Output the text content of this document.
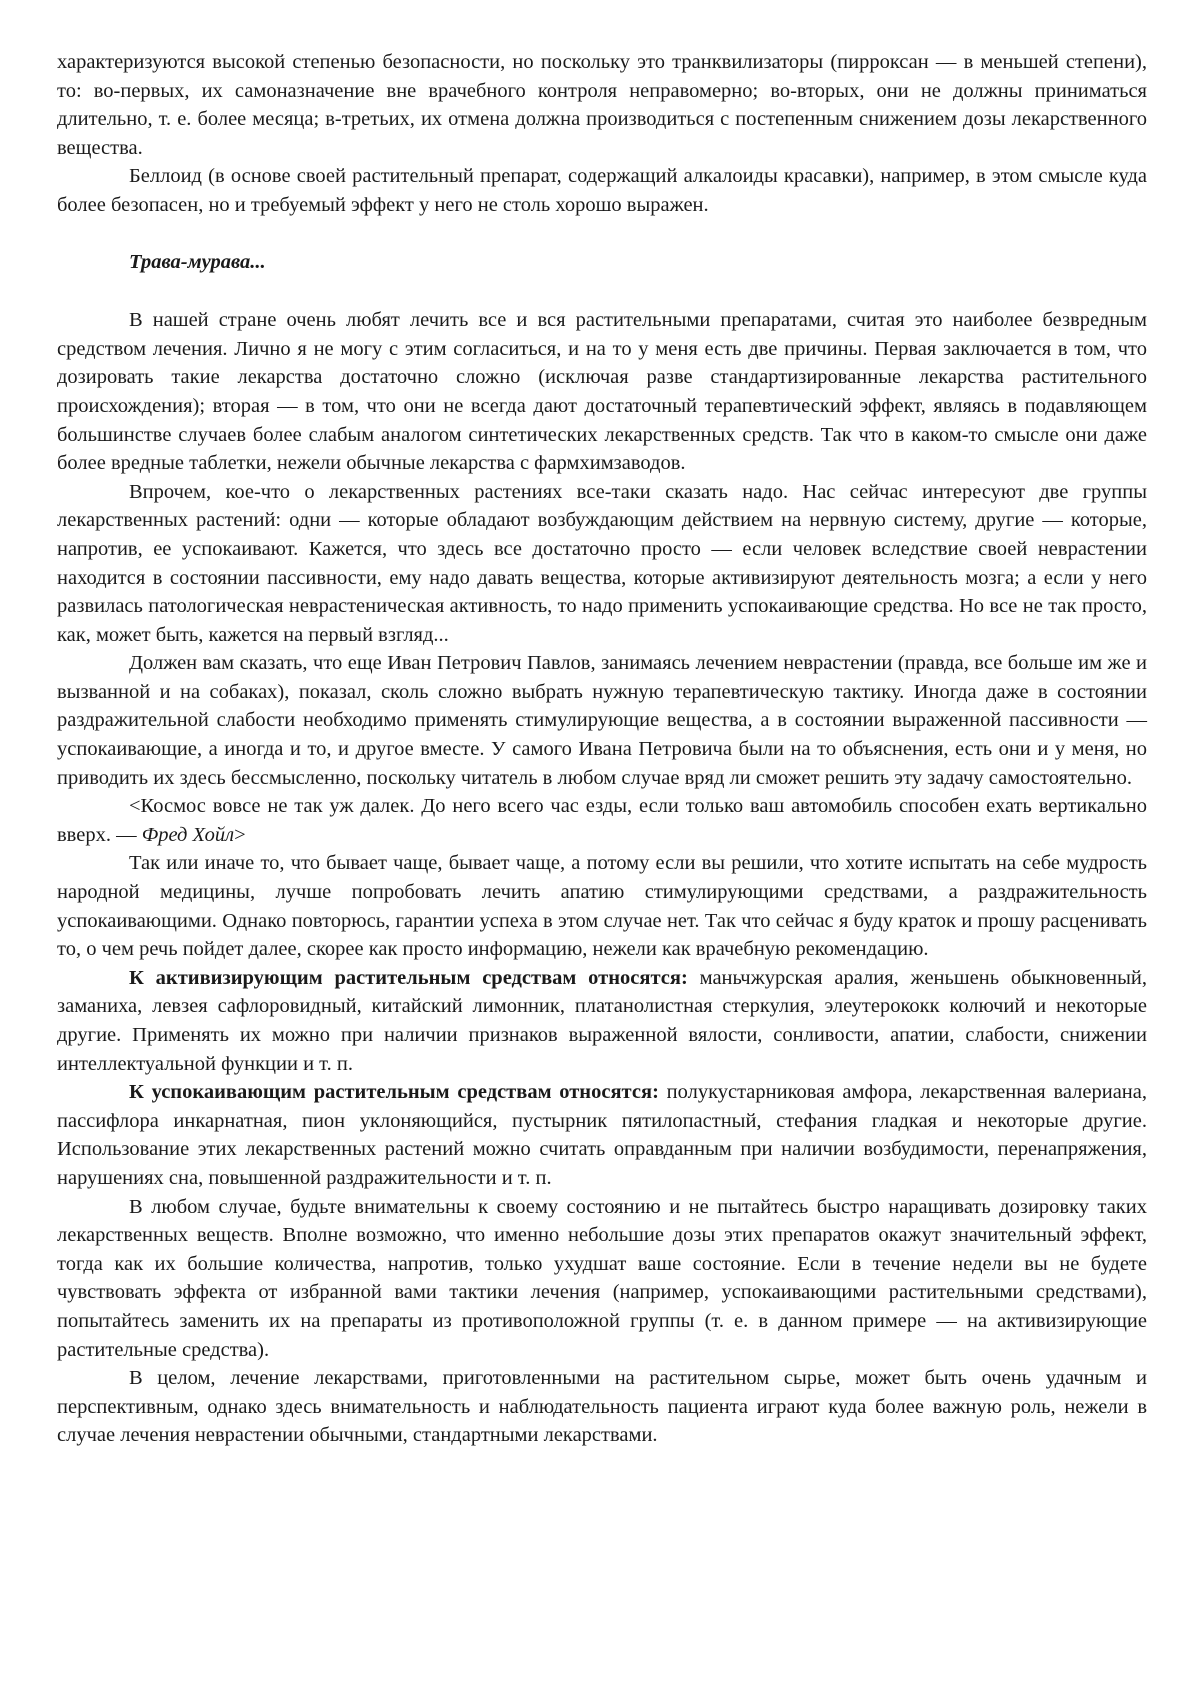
характеризуются высокой степенью безопасности, но поскольку это транквилизаторы (пирроксан — в меньшей степени), то: во-первых, их самоназначение вне врачебного контроля неправомерно; во-вторых, они не должны приниматься длительно, т. е. более месяца; в-третьих, их отмена должна производиться с постепенным снижением дозы лекарственного вещества.

Беллоид (в основе своей растительный препарат, содержащий алкалоиды красавки), например, в этом смысле куда более безопасен, но и требуемый эффект у него не столь хорошо выражен.

Трава-мурава...

В нашей стране очень любят лечить все и вся растительными препаратами, считая это наиболее безвредным средством лечения. Лично я не могу с этим согласиться, и на то у меня есть две причины. Первая заключается в том, что дозировать такие лекарства достаточно сложно (исключая разве стандартизированные лекарства растительного происхождения); вторая — в том, что они не всегда дают достаточный терапевтический эффект, являясь в подавляющем большинстве случаев более слабым аналогом синтетических лекарственных средств. Так что в каком-то смысле они даже более вредные таблетки, нежели обычные лекарства с фармхимзаводов.

Впрочем, кое-что о лекарственных растениях все-таки сказать надо. Нас сейчас интересуют две группы лекарственных растений: одни — которые обладают возбуждающим действием на нервную систему, другие — которые, напротив, ее успокаивают. Кажется, что здесь все достаточно просто — если человек вследствие своей неврастении находится в состоянии пассивности, ему надо давать вещества, которые активизируют деятельность мозга; а если у него развилась патологическая неврастеническая активность, то надо применить успокаивающие средства. Но все не так просто, как, может быть, кажется на первый взгляд...

Должен вам сказать, что еще Иван Петрович Павлов, занимаясь лечением неврастении (правда, все больше им же и вызванной и на собаках), показал, сколь сложно выбрать нужную терапевтическую тактику. Иногда даже в состоянии раздражительной слабости необходимо применять стимулирующие вещества, а в состоянии выраженной пассивности — успокаивающие, а иногда и то, и другое вместе. У самого Ивана Петровича были на то объяснения, есть они и у меня, но приводить их здесь бессмысленно, поскольку читатель в любом случае вряд ли сможет решить эту задачу самостоятельно.

<Космос вовсе не так уж далек. До него всего час езды, если только ваш автомобиль способен ехать вертикально вверх. — Фред Хойл>

Так или иначе то, что бывает чаще, бывает чаще, а потому если вы решили, что хотите испытать на себе мудрость народной медицины, лучше попробовать лечить апатию стимулирующими средствами, а раздражительность успокаивающими. Однако повторюсь, гарантии успеха в этом случае нет. Так что сейчас я буду краток и прошу расценивать то, о чем речь пойдет далее, скорее как просто информацию, нежели как врачебную рекомендацию.

К активизирующим растительным средствам относятся: маньчжурская аралия, женьшень обыкновенный, заманиха, левзея сафлоровидный, китайский лимонник, платанолистная стеркулия, элеутерококк колючий и некоторые другие. Применять их можно при наличии признаков выраженной вялости, сонливости, апатии, слабости, снижении интеллектуальной функции и т. п.

К успокаивающим растительным средствам относятся: полукустарниковая амфора, лекарственная валериана, пассифлора инкарнатная, пион уклоняющийся, пустырник пятилопастный, стефания гладкая и некоторые другие. Использование этих лекарственных растений можно считать оправданным при наличии возбудимости, перенапряжения, нарушениях сна, повышенной раздражительности и т. п.

В любом случае, будьте внимательны к своему состоянию и не пытайтесь быстро наращивать дозировку таких лекарственных веществ. Вполне возможно, что именно небольшие дозы этих препаратов окажут значительный эффект, тогда как их большие количества, напротив, только ухудшат ваше состояние. Если в течение недели вы не будете чувствовать эффекта от избранной вами тактики лечения (например, успокаивающими растительными средствами), попытайтесь заменить их на препараты из противоположной группы (т. е. в данном примере — на активизирующие растительные средства).

В целом, лечение лекарствами, приготовленными на растительном сырье, может быть очень удачным и перспективным, однако здесь внимательность и наблюдательность пациента играют куда более важную роль, нежели в случае лечения неврастении обычными, стандартными лекарствами.
